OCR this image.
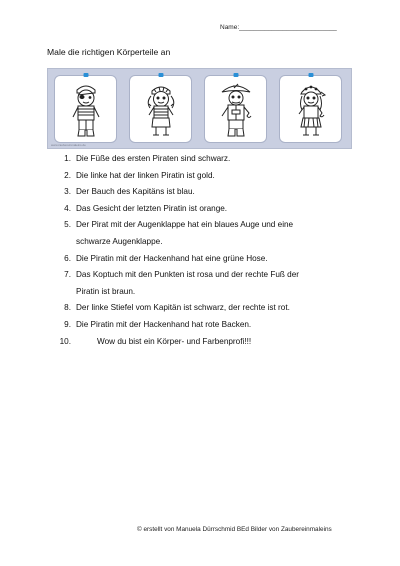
Name:___________________________
Male die richtigen Körperteile an
www.zaubereinmaleins.de
1. Die Füße des ersten Piraten sind schwarz.
2. Die linke hat der linken Piratin ist gold.
3. Der Bauch des Kapitäns ist blau.
4. Das Gesicht der letzten Piratin ist orange.
5. Der Pirat mit der Augenklappe hat ein blaues Auge und eine
schwarze Augenklappe.
6. Die Piratin mit der Hackenhand hat eine grüne Hose.
7. Das Koptuch mit den Punkten ist rosa und der rechte Fuß der
Piratin ist braun.
8. Der linke Stiefel vom Kapitän ist schwarz, der rechte ist rot.
9. Die Piratin mit der Hackenhand hat rote Backen.
10.	Wow du bist ein Körper- und Farbenprofi!!!
© erstellt von Manuela Dürrschmid BEd Bilder von Zaubereinmaleins
